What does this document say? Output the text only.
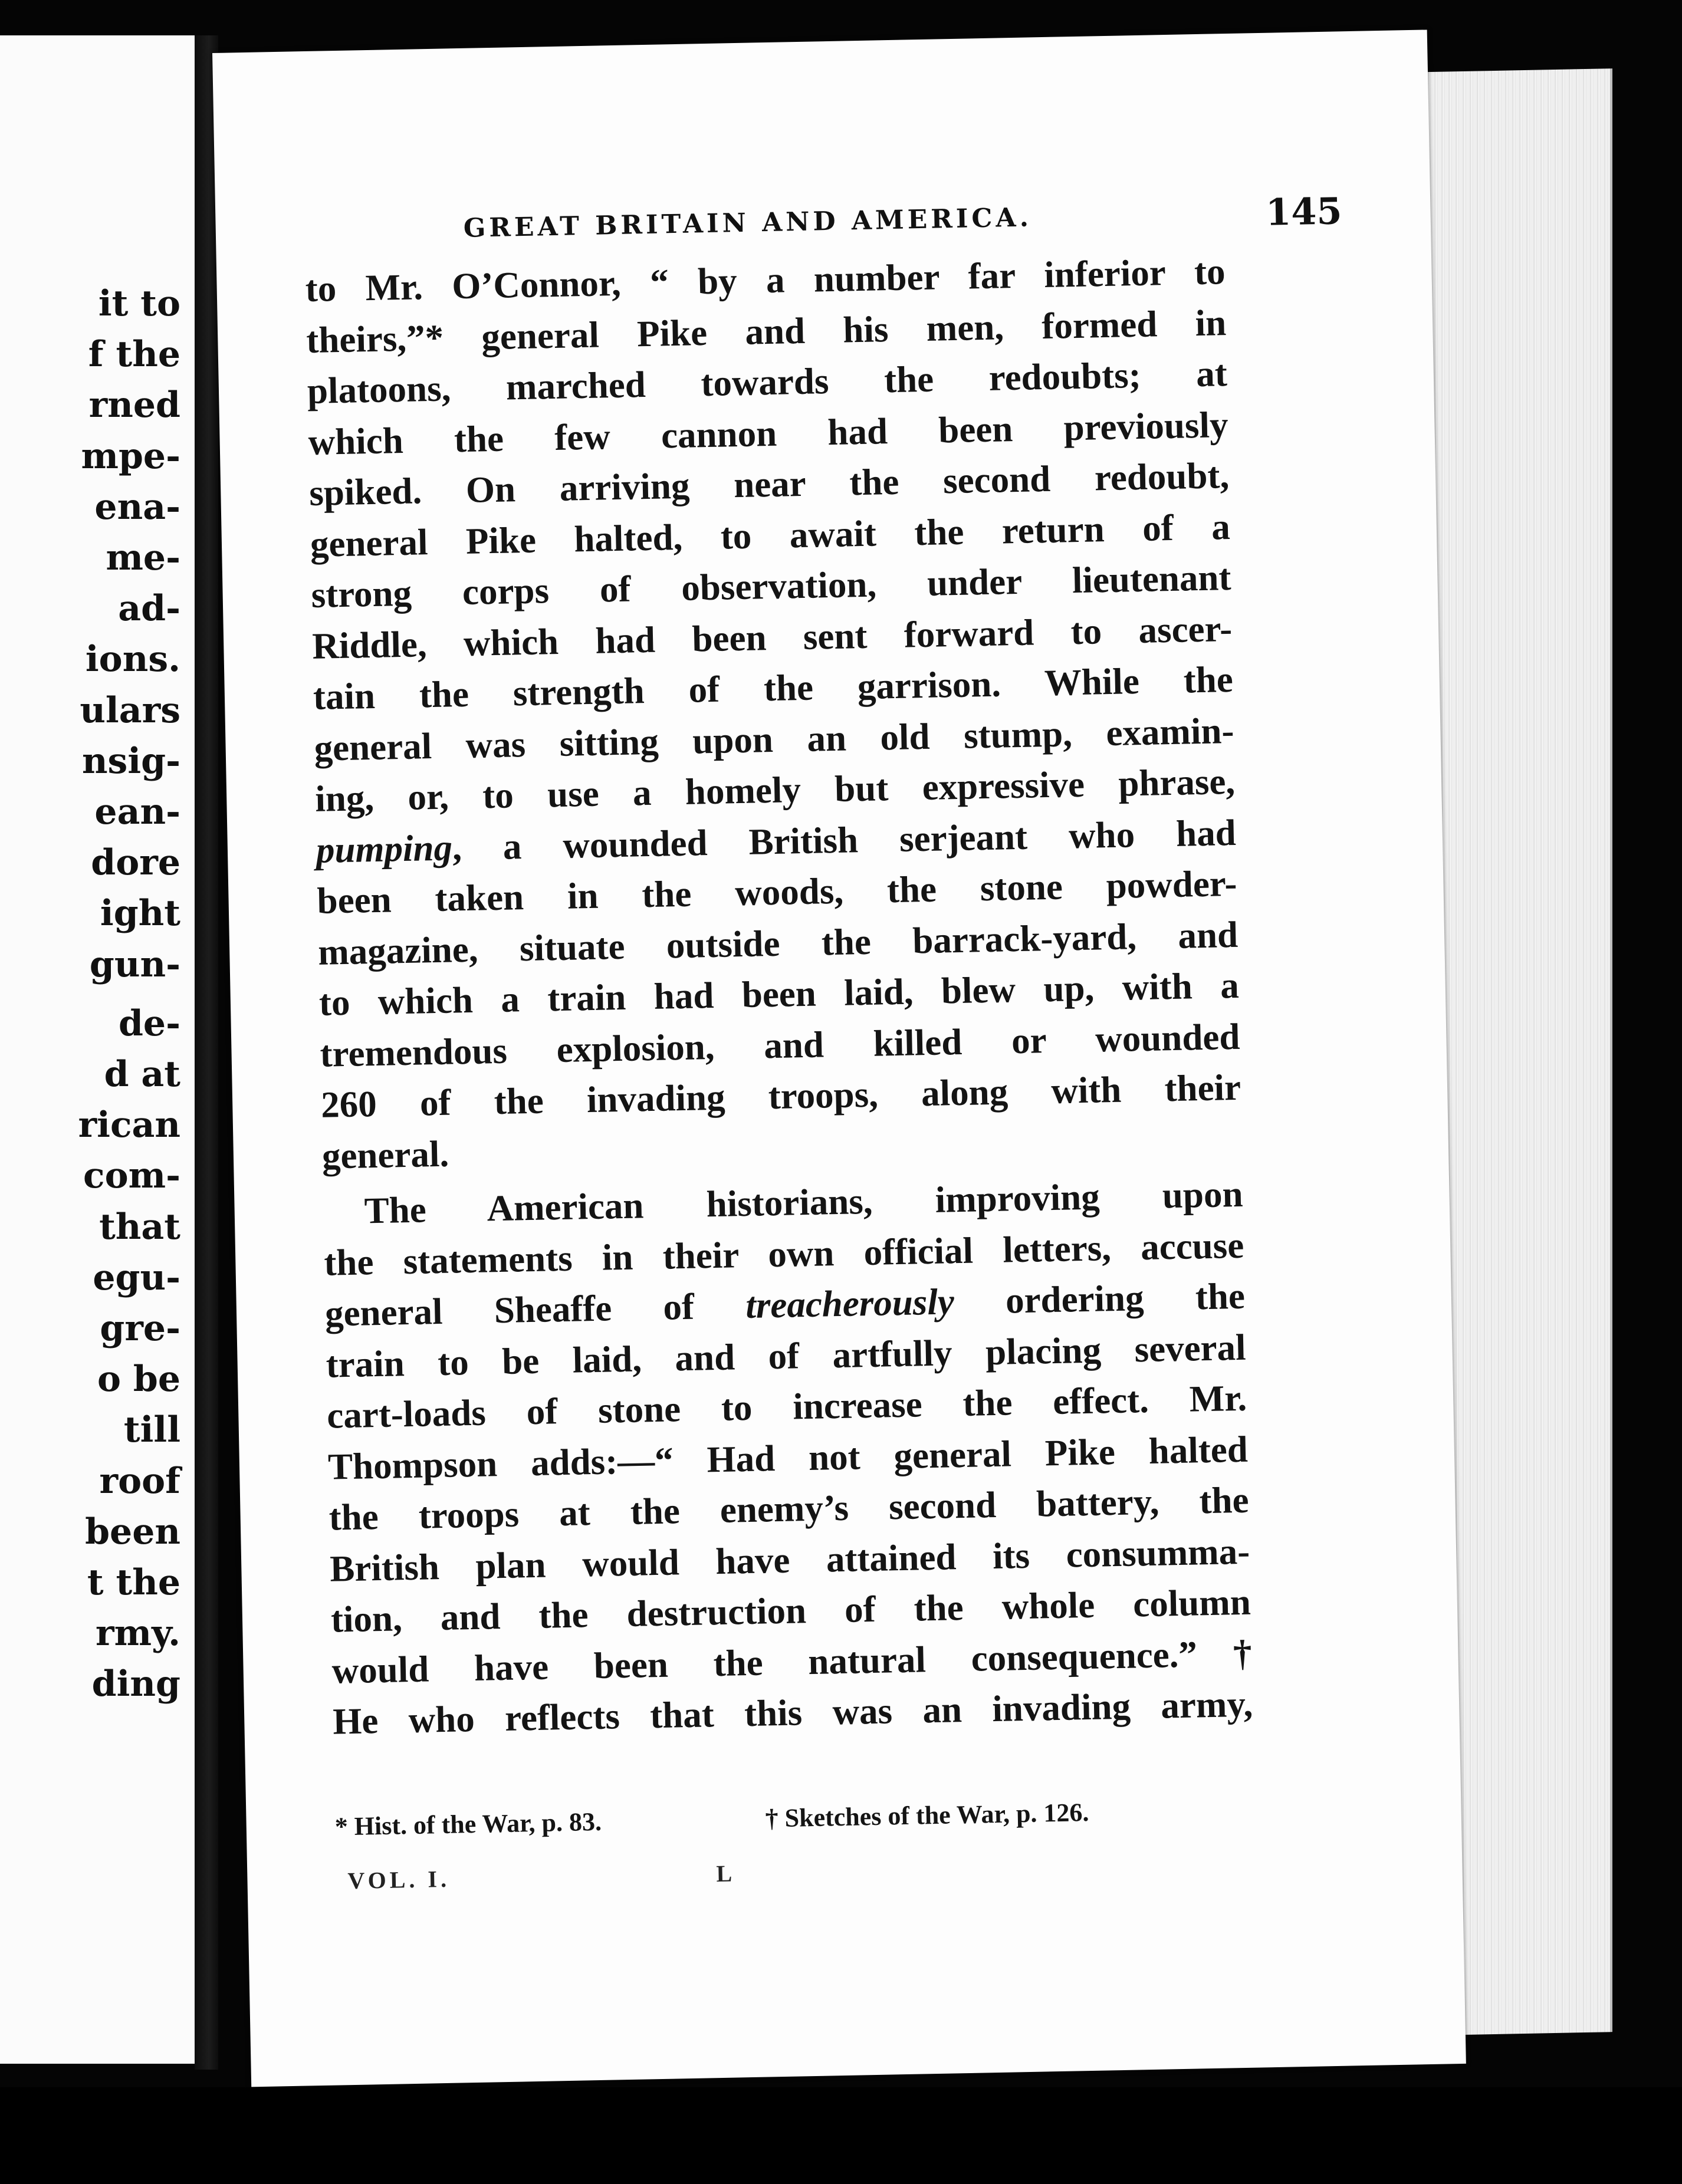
it to
f the
rned
mpe-
ena-
me-
ad-
ions.
ulars
nsig-
ean-
dore
ight
gun-
de-
d at
rican
com-
that
egu-
gre-
o be
till
roof
been
t the
rmy.
ding
GREAT BRITAIN AND AMERICA.	145
to Mr. O’Connor, “ by a number far inferior to
theirs,”* general Pike and his men, formed in
platoons, marched towards the redoubts; at
which the few cannon had been previously
spiked. On arriving near the second redoubt,
general Pike halted, to await the return of a
strong corps of observation, under lieutenant
Riddle, which had been sent forward to ascer-
tain the strength of the garrison. While the
general was sitting upon an old stump, examin-
ing, or, to use a homely but expressive phrase,
pumping, a wounded British serjeant who had
been taken in the woods, the stone powder-
magazine, situate outside the barrack-yard, and
to which a train had been laid, blew up, with a
tremendous explosion, and killed or wounded
260 of the invading troops, along with their
general.
The American historians, improving upon
the statements in their own official letters, accuse
general Sheaffe of treacherously ordering the
train to be laid, and of artfully placing several
cart-loads of stone to increase the effect. Mr.
Thompson adds:—“ Had not general Pike halted
the troops at the enemy’s second battery, the
British plan would have attained its consumma-
tion, and the destruction of the whole column
would have been the natural consequence.”†
He who reflects that this was an invading army,
* Hist. of the War, p. 83.	† Sketches of the War, p. 126.
VOL. I.	L
